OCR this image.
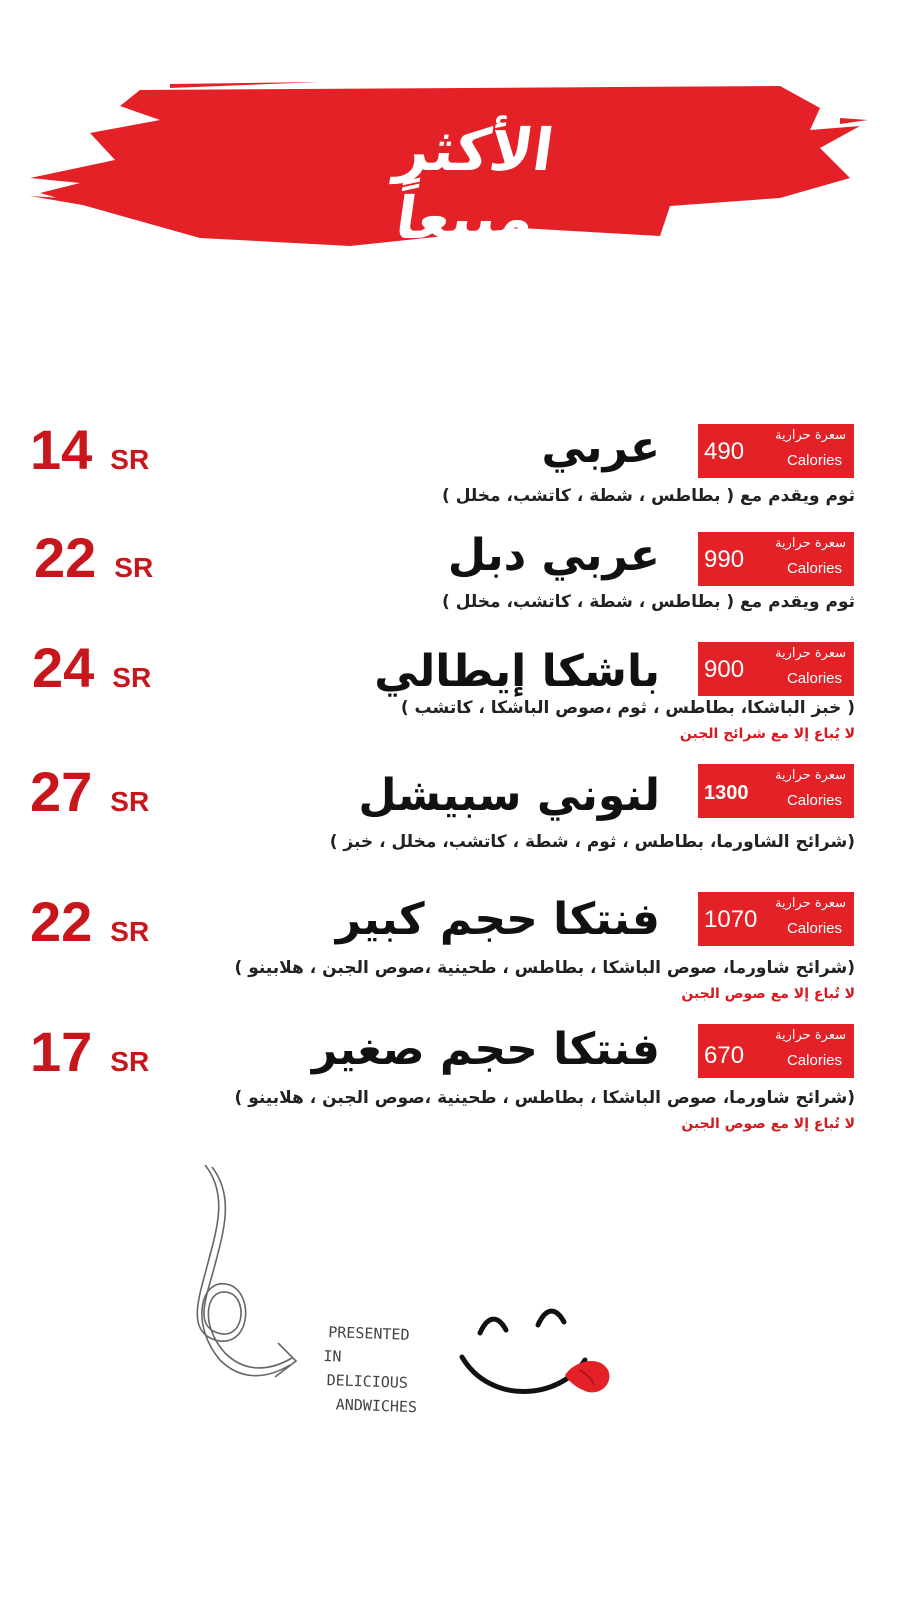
الأكثر مبيعاً
14 SR	عربي 490
سعرة حرارية
Calories
ثوم ويقدم مع ( بطاطس ، شطة ، كاتشب، مخلل )
22 SR	عربي دبل 990
سعرة حرارية
Calories
ثوم ويقدم مع ( بطاطس ، شطة ، كاتشب، مخلل )
24 SR	باشكا إيطالي 900
سعرة حرارية
Calories
( خبز الباشكا، بطاطس ، ثوم ،صوص الباشكا ، كاتشب )
لا يُباع إلا مع شرائح الجبن
27 SR	لنوني سبيشل 1300
سعرة حرارية
Calories
(شرائح الشاورما، بطاطس ، ثوم ، شطة ، كاتشب، مخلل ، خبز )
22 SR	فنتكا حجم كبير 1070
سعرة حرارية
Calories
(شرائح شاورما، صوص الباشكا ، بطاطس ، طحينية ،صوص الجبن ، هلابينو )
لا تُباع إلا مع صوص الجبن
17 SR	فنتكا حجم صغير 670
سعرة حرارية
Calories
(شرائح شاورما، صوص الباشكا ، بطاطس ، طحينية ،صوص الجبن ، هلابينو )
لا تُباع إلا مع صوص الجبن
PRESENTED
IN
DELICIOUS
ANDWICHES
